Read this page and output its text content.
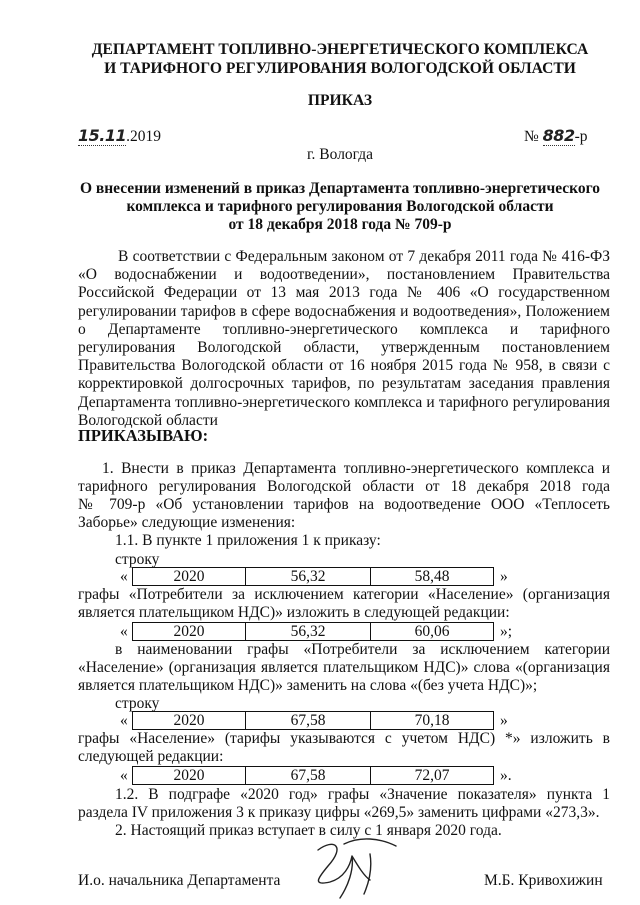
ДЕПАРТАМЕНТ ТОПЛИВНО-ЭНЕРГЕТИЧЕСКОГО КОМПЛЕКСА
И ТАРИФНОГО РЕГУЛИРОВАНИЯ ВОЛОГОДСКОЙ ОБЛАСТИ
ПРИКАЗ
15.11.2019	№ 882-р
г. Вологда
О внесении изменений в приказ Департамента топливно-энергетического
комплекса и тарифного регулирования Вологодской области
от 18 декабря 2018 года № 709-р
В соответствии с Федеральным законом от 7 декабря 2011 года № 416-ФЗ «О водоснабжении и водоотведении», постановлением Правительства Российской Федерации от 13 мая 2013 года № 406 «О государственном регулировании тарифов в сфере водоснабжения и водоотведения», Положением о Департаменте топливно-энергетического комплекса и тарифного регулирования Вологодской области, утвержденным постановлением Правительства Вологодской области от 16 ноября 2015 года № 958, в связи с корректировкой долгосрочных тарифов, по результатам заседания правления Департамента топливно-энергетического комплекса и тарифного регулирования Вологодской области
ПРИКАЗЫВАЮ:
1. Внести в приказ Департамента топливно-энергетического комплекса и
тарифного регулирования Вологодской области от 18 декабря 2018 года
№ 709-р «Об установлении тарифов на водоотведение ООО «Теплосеть
Заборье» следующие изменения:
1.1. В пункте 1 приложения 1 к приказу:
строку
«	2020	56,32	58,48	»
графы «Потребители за исключением категории «Население» (организация
является плательщиком НДС)» изложить в следующей редакции:
«	2020	56,32	60,06	»;
в наименовании графы «Потребители за исключением категории
«Население» (организация является плательщиком НДС)» слова «(организация
является плательщиком НДС)» заменить на слова «(без учета НДС)»;
строку
«	2020	67,58	70,18	»
графы «Население» (тарифы указываются с учетом НДС) *» изложить в
следующей редакции:
«	2020	67,58	72,07	».
1.2. В подграфе «2020 год» графы «Значение показателя» пункта 1
раздела IV приложения 3 к приказу цифры «269,5» заменить цифрами «273,3».
2. Настоящий приказ вступает в силу с 1 января 2020 года.
И.о. начальника Департамента	М.Б. Кривохижин
